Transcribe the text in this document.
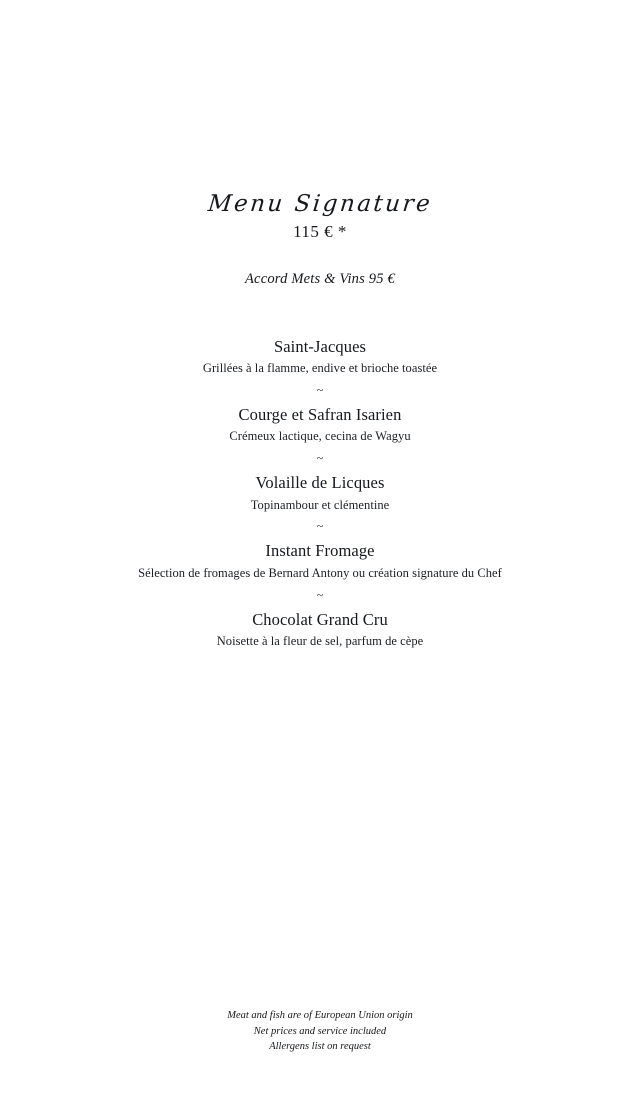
Menu Signature
115 € *
Accord Mets & Vins 95 €
Saint-Jacques
Grillées à la flamme, endive et brioche toastée
~
Courge et Safran Isarien
Crémeux lactique, cecina de Wagyu
~
Volaille de Licques
Topinambour et clémentine
~
Instant Fromage
Sélection de fromages de Bernard Antony ou création signature du Chef
~
Chocolat Grand Cru
Noisette à la fleur de sel, parfum de cèpe
Meat and fish are of European Union origin
Net prices and service included
Allergens list on request
